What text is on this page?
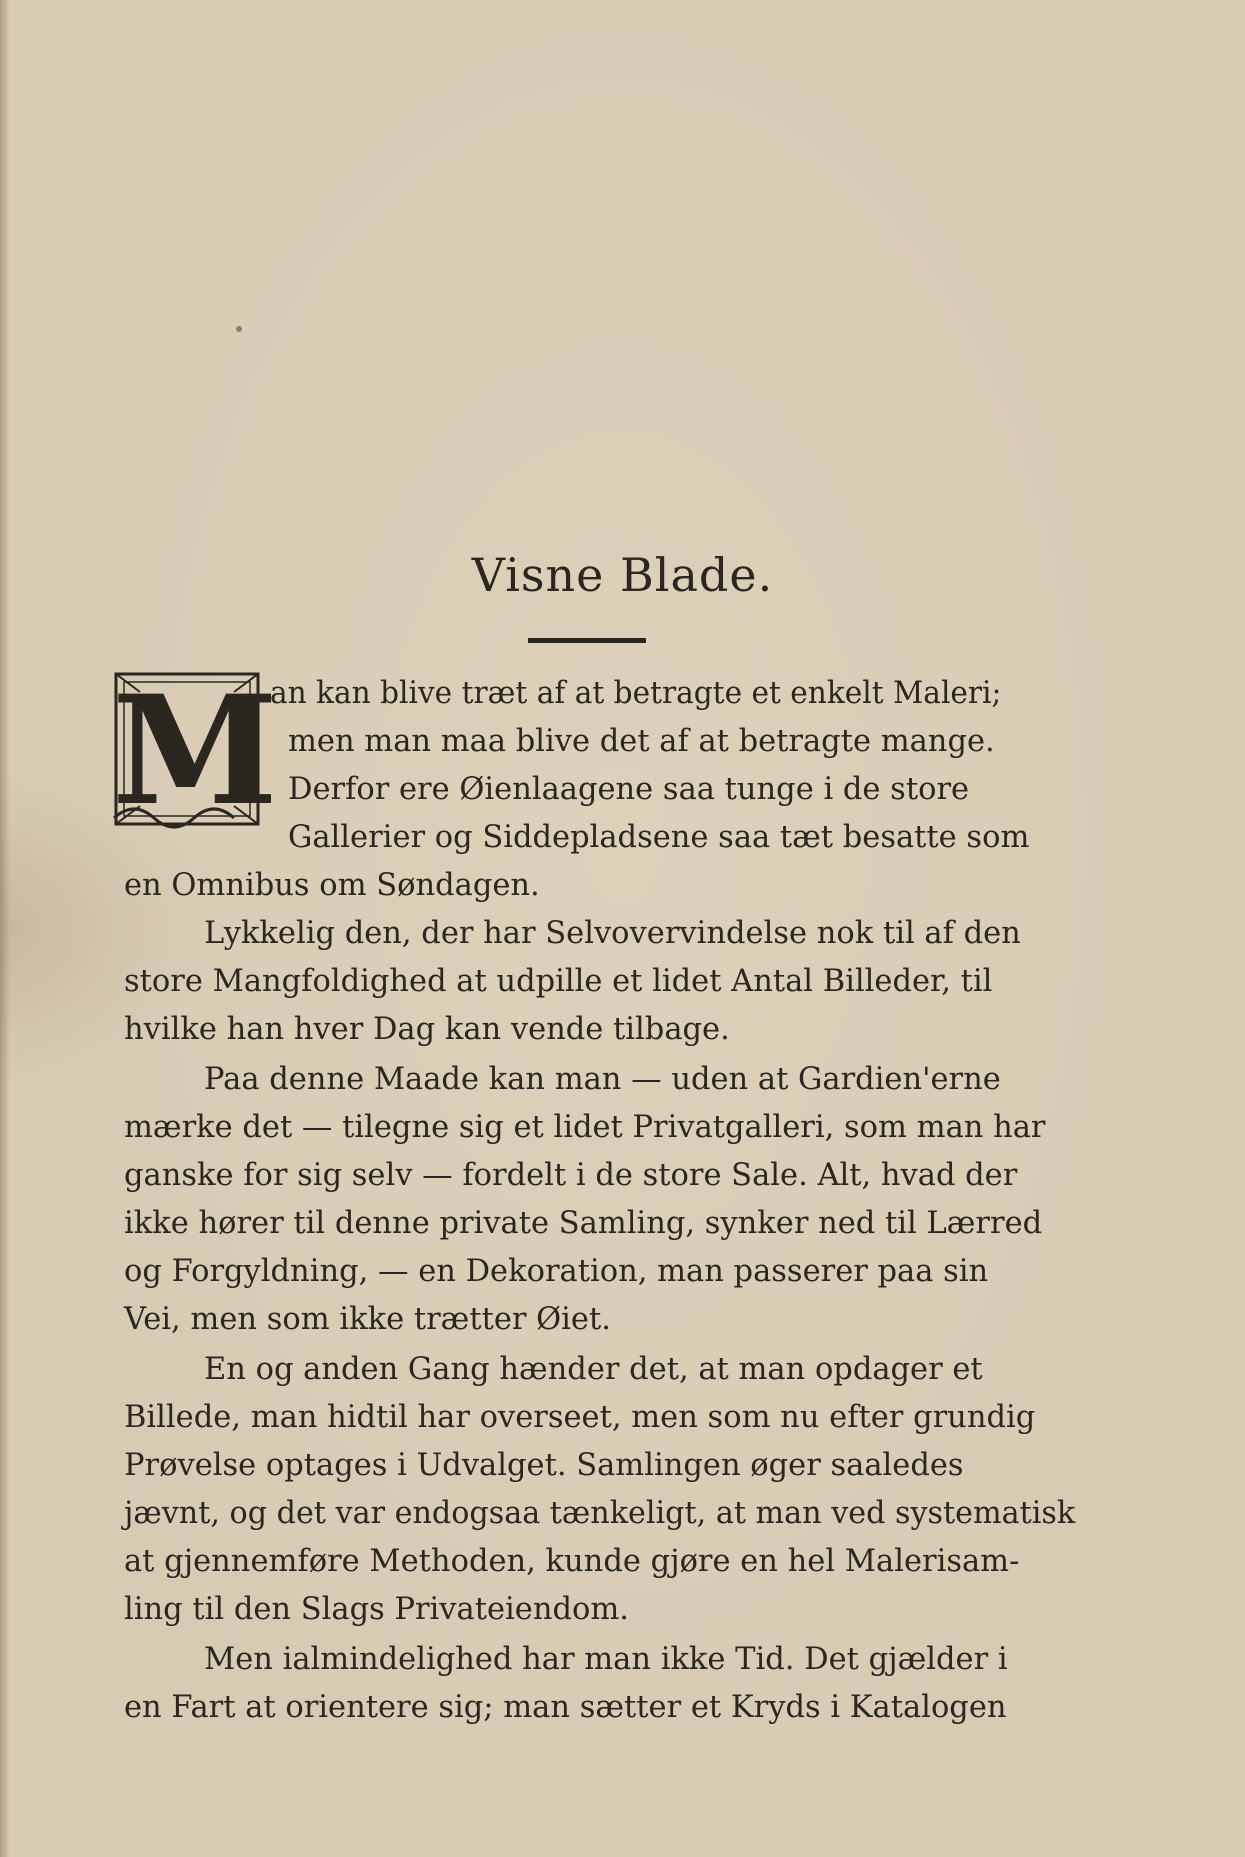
Visne Blade.
M
an kan blive træt af at betragte et enkelt Maleri;
men man maa blive det af at betragte mange.
Derfor ere Øienlaagene saa tunge i de store
Gallerier og Siddepladsene saa tæt besatte som
en Omnibus om Søndagen.
Lykkelig den, der har Selvovervindelse nok til af den
store Mangfoldighed at udpille et lidet Antal Billeder, til
hvilke han hver Dag kan vende tilbage.
Paa denne Maade kan man — uden at Gardien'erne
mærke det — tilegne sig et lidet Privatgalleri, som man har
ganske for sig selv — fordelt i de store Sale. Alt, hvad der
ikke hører til denne private Samling, synker ned til Lærred
og Forgyldning, — en Dekoration, man passerer paa sin
Vei, men som ikke trætter Øiet.
En og anden Gang hænder det, at man opdager et
Billede, man hidtil har overseet, men som nu efter grundig
Prøvelse optages i Udvalget. Samlingen øger saaledes
jævnt, og det var endogsaa tænkeligt, at man ved systematisk
at gjennemføre Methoden, kunde gjøre en hel Malerisam-
ling til den Slags Privateiendom.
Men ialmindelighed har man ikke Tid. Det gjælder i
en Fart at orientere sig; man sætter et Kryds i Katalogen
